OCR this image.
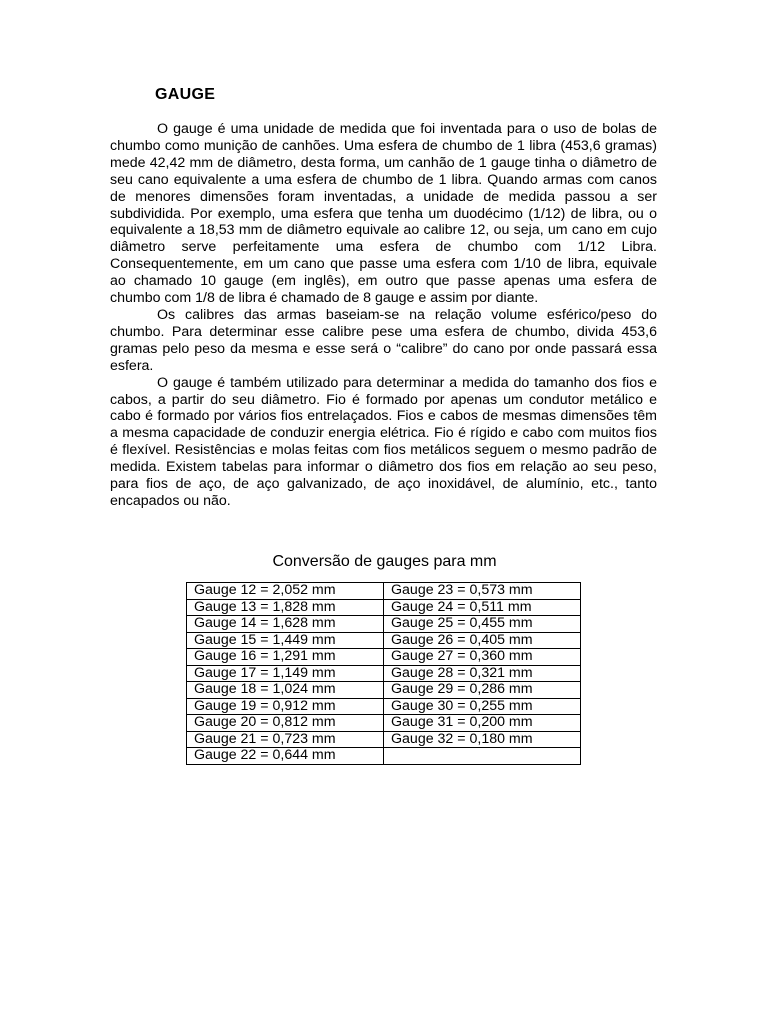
GAUGE

O gauge é uma unidade de medida que foi inventada para o uso de bolas de chumbo como munição de canhões. Uma esfera de chumbo de 1 libra (453,6 gramas) mede 42,42 mm de diâmetro, desta forma, um canhão de 1 gauge tinha o diâmetro de seu cano equivalente a uma esfera de chumbo de 1 libra. Quando armas com canos de menores dimensões foram inventadas, a unidade de medida passou a ser subdividida. Por exemplo, uma esfera que tenha um duodécimo (1/12) de libra, ou o equivalente a 18,53 mm de diâmetro equivale ao calibre 12, ou seja, um cano em cujo diâmetro serve perfeitamente uma esfera de chumbo com 1/12 Libra. Consequentemente, em um cano que passe uma esfera com 1/10 de libra, equivale ao chamado 10 gauge (em inglês), em outro que passe apenas uma esfera de chumbo com 1/8 de libra é chamado de 8 gauge e assim por diante.

Os calibres das armas baseiam-se na relação volume esférico/peso do chumbo. Para determinar esse calibre pese uma esfera de chumbo, divida 453,6 gramas pelo peso da mesma e esse será o “calibre” do cano por onde passará essa esfera.

O gauge é também utilizado para determinar a medida do tamanho dos fios e cabos, a partir do seu diâmetro. Fio é formado por apenas um condutor metálico e cabo é formado por vários fios entrelaçados. Fios e cabos de mesmas dimensões têm a mesma capacidade de conduzir energia elétrica. Fio é rígido e cabo com muitos fios é flexível. Resistências e molas feitas com fios metálicos seguem o mesmo padrão de medida. Existem tabelas para informar o diâmetro dos fios em relação ao seu peso, para fios de aço, de aço galvanizado, de aço inoxidável, de alumínio, etc., tanto encapados ou não.

Conversão de gauges para mm
Gauge 12 = 2,052 mm	Gauge 23 = 0,573 mm
Gauge 13 = 1,828 mm	Gauge 24 = 0,511 mm
Gauge 14 = 1,628 mm	Gauge 25 = 0,455 mm
Gauge 15 = 1,449 mm	Gauge 26 = 0,405 mm
Gauge 16 = 1,291 mm	Gauge 27 = 0,360 mm
Gauge 17 = 1,149 mm	Gauge 28 = 0,321 mm
Gauge 18 = 1,024 mm	Gauge 29 = 0,286 mm
Gauge 19 = 0,912 mm	Gauge 30 = 0,255 mm
Gauge 20 = 0,812 mm	Gauge 31 = 0,200 mm
Gauge 21 = 0,723 mm	Gauge 32 = 0,180 mm
Gauge 22 = 0,644 mm	
